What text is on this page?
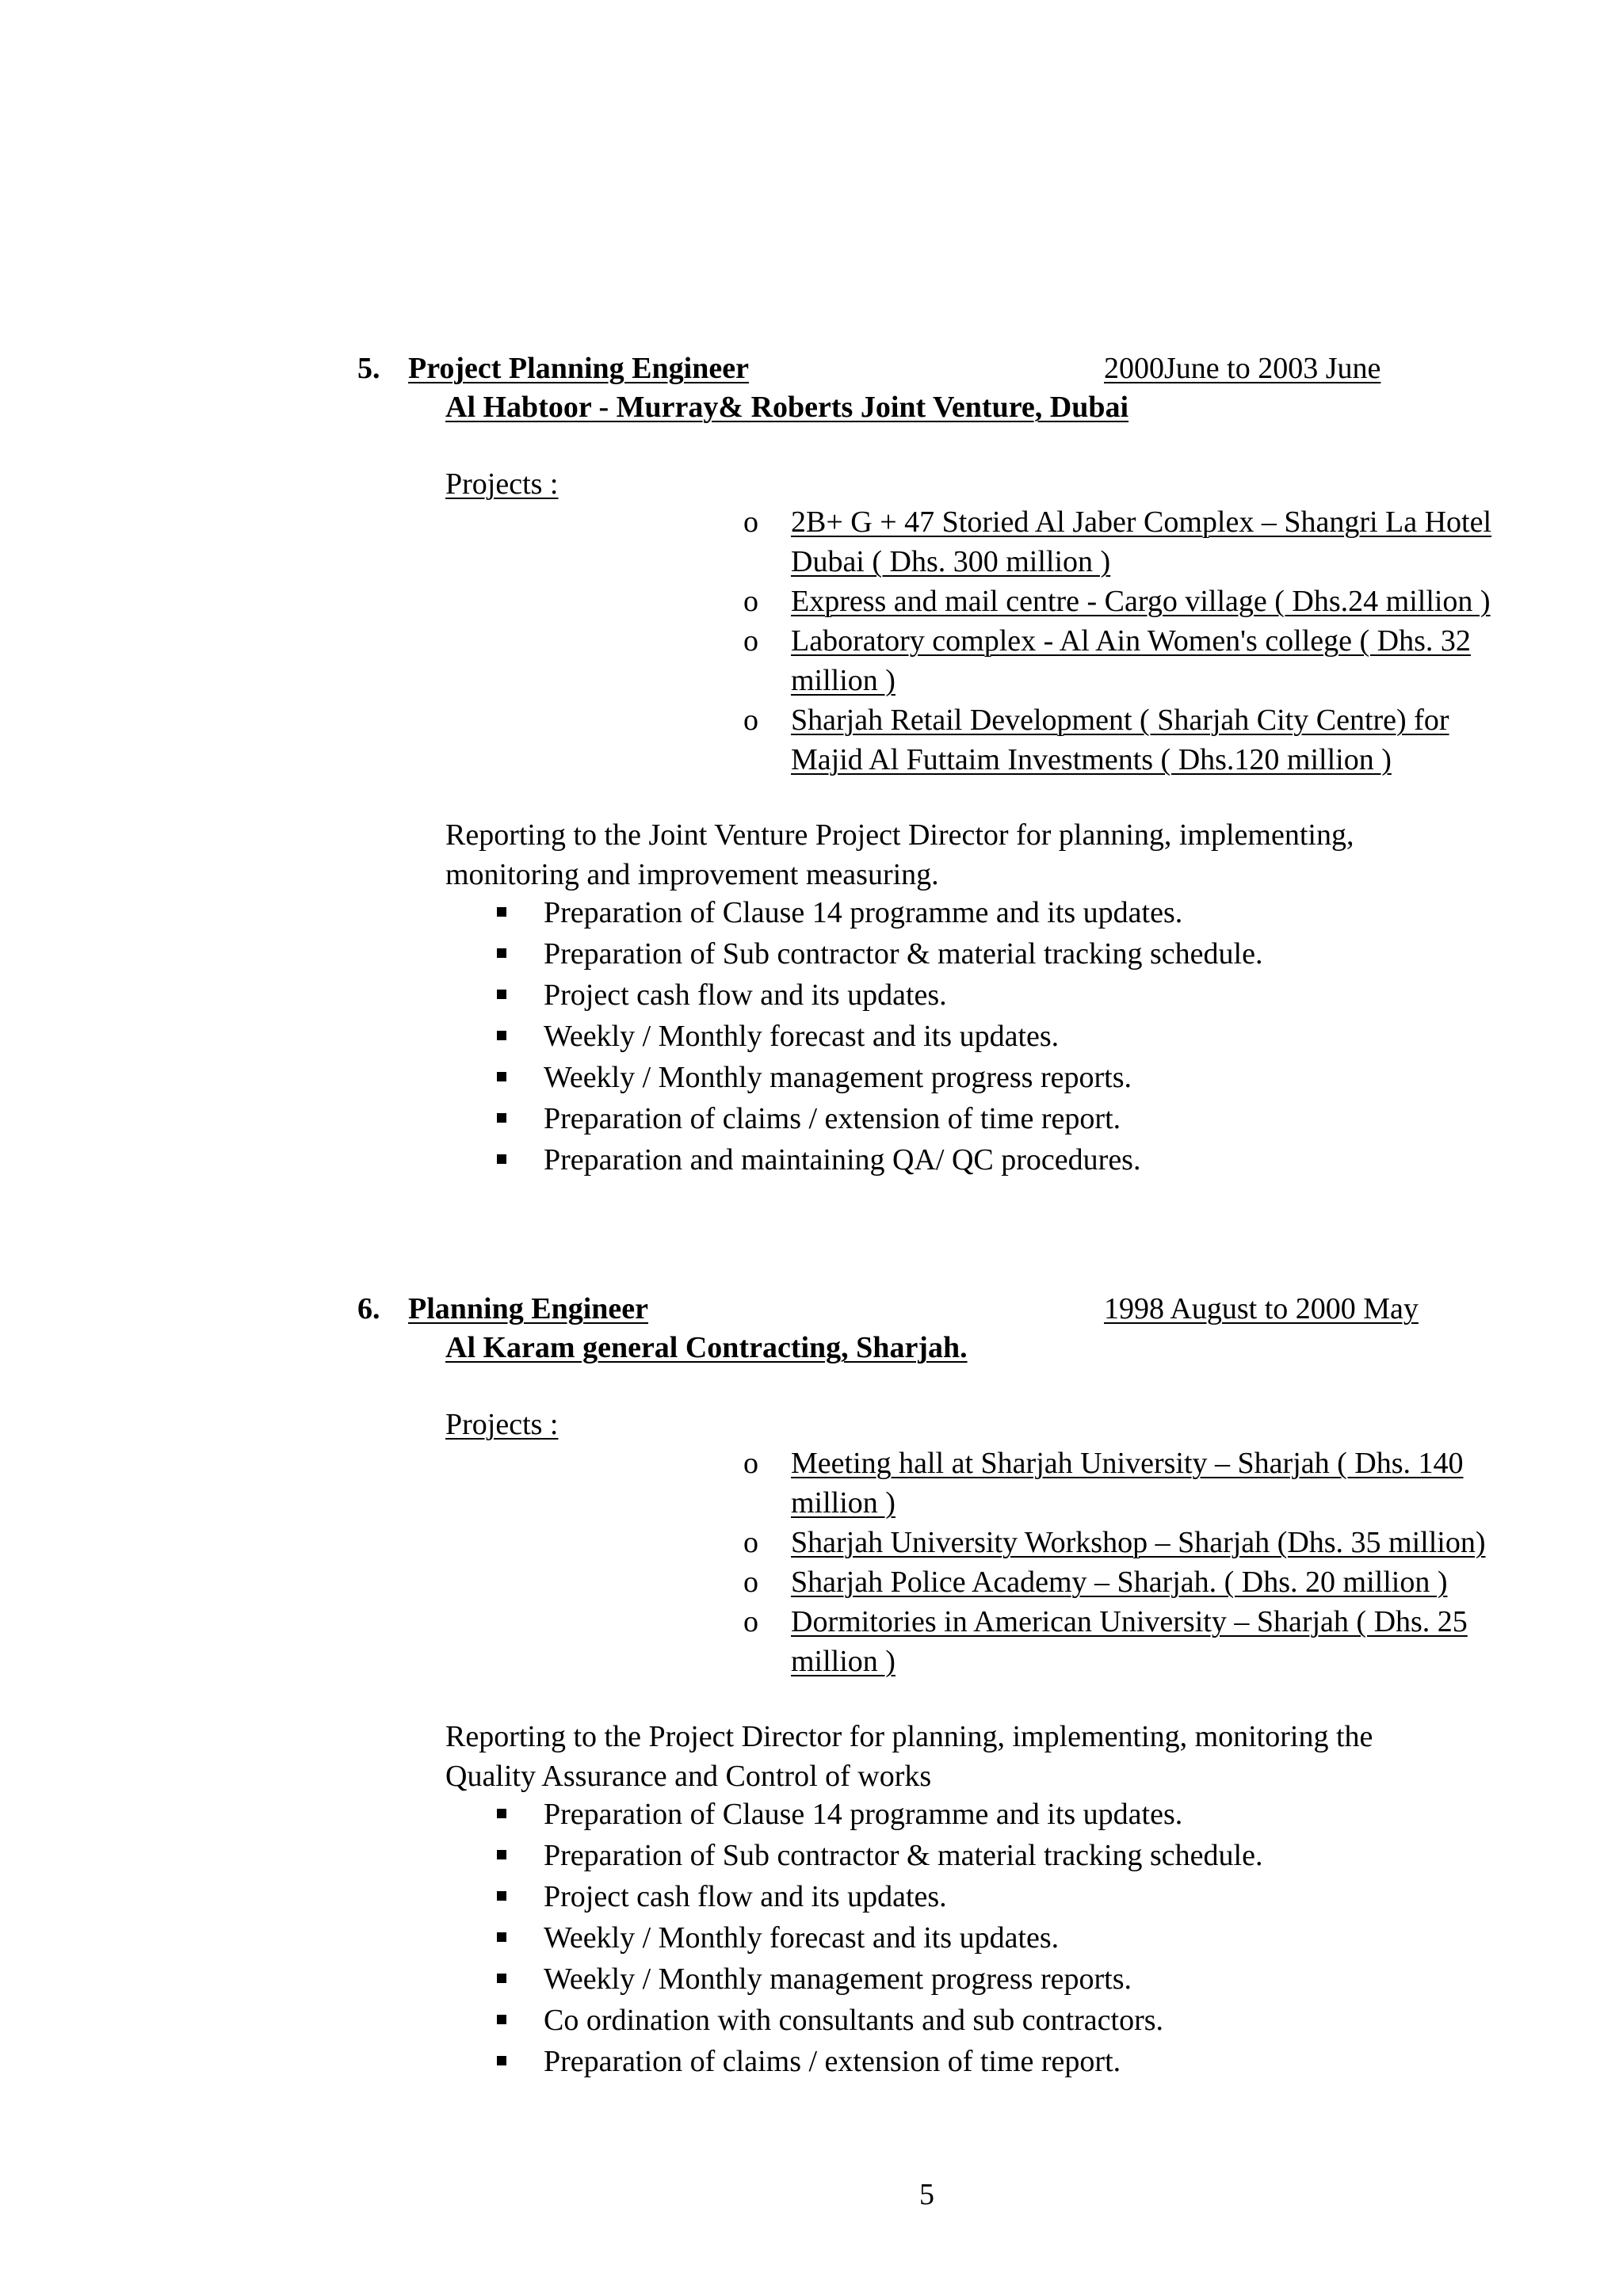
5. Project Planning Engineer	2000June to 2003 June
Al Habtoor - Murray& Roberts Joint Venture, Dubai
Projects :
o 2B+ G + 47 Storied Al Jaber Complex – Shangri La Hotel
Dubai ( Dhs. 300 million )
o Express and mail centre - Cargo village ( Dhs.24 million )
o Laboratory complex - Al Ain Women's college ( Dhs. 32
million )
o Sharjah Retail Development ( Sharjah City Centre) for
Majid Al Futtaim Investments ( Dhs.120 million )
Reporting to the Joint Venture Project Director for planning, implementing,
monitoring and improvement measuring.
Preparation of Clause 14 programme and its updates.
Preparation of Sub contractor & material tracking schedule.
Project cash flow and its updates.
Weekly / Monthly forecast and its updates.
Weekly / Monthly management progress reports.
Preparation of claims / extension of time report.
Preparation and maintaining QA/ QC procedures.
6. Planning Engineer	1998 August to 2000 May
Al Karam general Contracting, Sharjah.
Projects :
o Meeting hall at Sharjah University – Sharjah ( Dhs. 140
million )
o Sharjah University Workshop – Sharjah (Dhs. 35 million)
o Sharjah Police Academy – Sharjah. ( Dhs. 20 million )
o Dormitories in American University – Sharjah ( Dhs. 25
million )
Reporting to the Project Director for planning, implementing, monitoring the
Quality Assurance and Control of works
Preparation of Clause 14 programme and its updates.
Preparation of Sub contractor & material tracking schedule.
Project cash flow and its updates.
Weekly / Monthly forecast and its updates.
Weekly / Monthly management progress reports.
Co ordination with consultants and sub contractors.
Preparation of claims / extension of time report.
5
